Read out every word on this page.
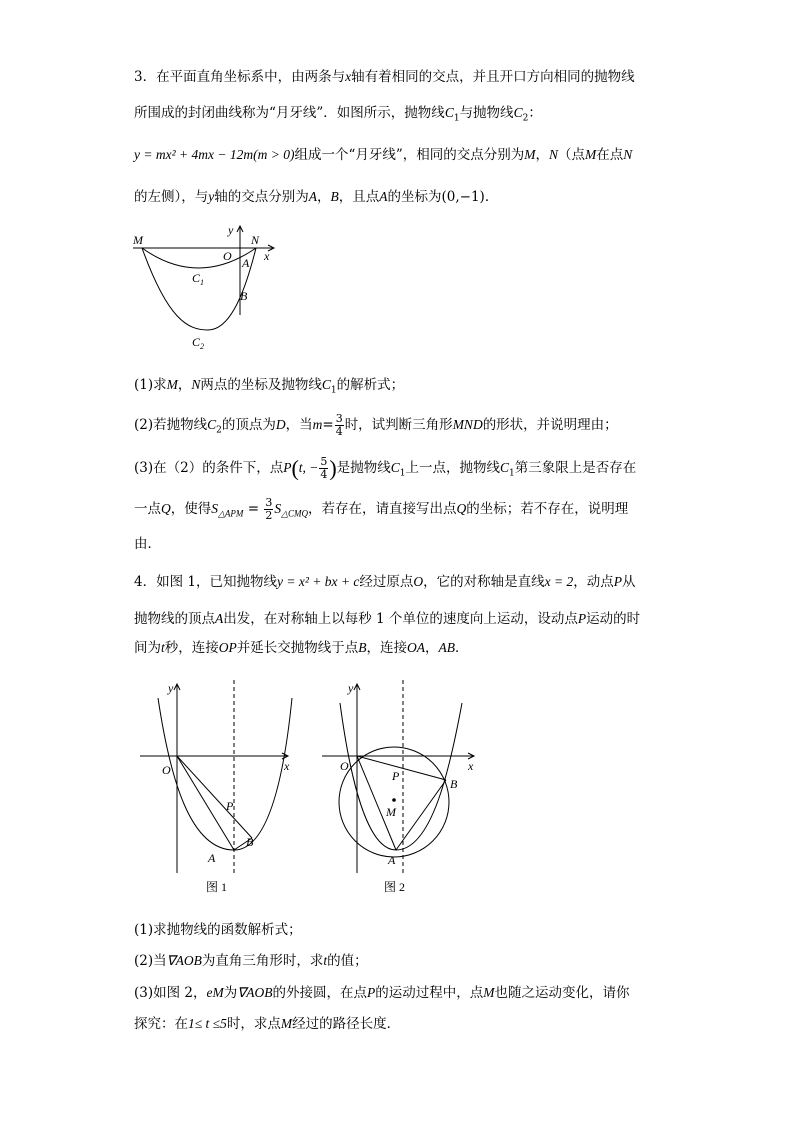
3．在平面直角坐标系中，由两条与x轴有着相同的交点，并且开口方向相同的抛物线
所围成的封闭曲线称为“月牙线”．如图所示，抛物线$C_1$与抛物线$C_2$：
y = mx² + 4mx − 12m(m > 0)组成一个“月牙线”，相同的交点分别为M，N（点M在点N
的左侧），与y轴的交点分别为A，B，且点A的坐标为(0,−1)．
M	N
y
O A x
B
$C_1$
$C_2$
(1)求M，N两点的坐标及抛物线$C_1$的解析式；
(2)若抛物线$C_2$的顶点为D，当$m= \frac{3}{4}$ 时，试判断三角形MND的形状，并说明理由；
(3)在（2）的条件下，点P(t, − $\frac{5}{4}$ )是抛物线$C_1$上一点，抛物线$C_1$第三象限上是否存在
一点Q，使得$S_{\triangle APM} = \frac{3}{2} S_{\triangle CMQ}$，若存在，请直接写出点Q的坐标；若不存在，说明理
由．
4．如图 1，已知抛物线y = x² + bx + c经过原点O，它的对称轴是直线x = 2，动点P从
抛物线的顶点A出发，在对称轴上以每秒 1 个单位的速度向上运动，设动点P运动的时
间为t秒，连接OP并延长交抛物线于点B，连接OA，AB．
y
O	x
P
A
B
图 1
y
O	x
P
M
A
B
图 2
(1)求抛物线的函数解析式；
(2)当∇AOB为直角三角形时，求t的值；
(3)如图 2，eM为∇AOB的外接圆，在点P的运动过程中，点M也随之运动变化，请你
探究：在1≤ t ≤5时，求点M经过的路径长度．
